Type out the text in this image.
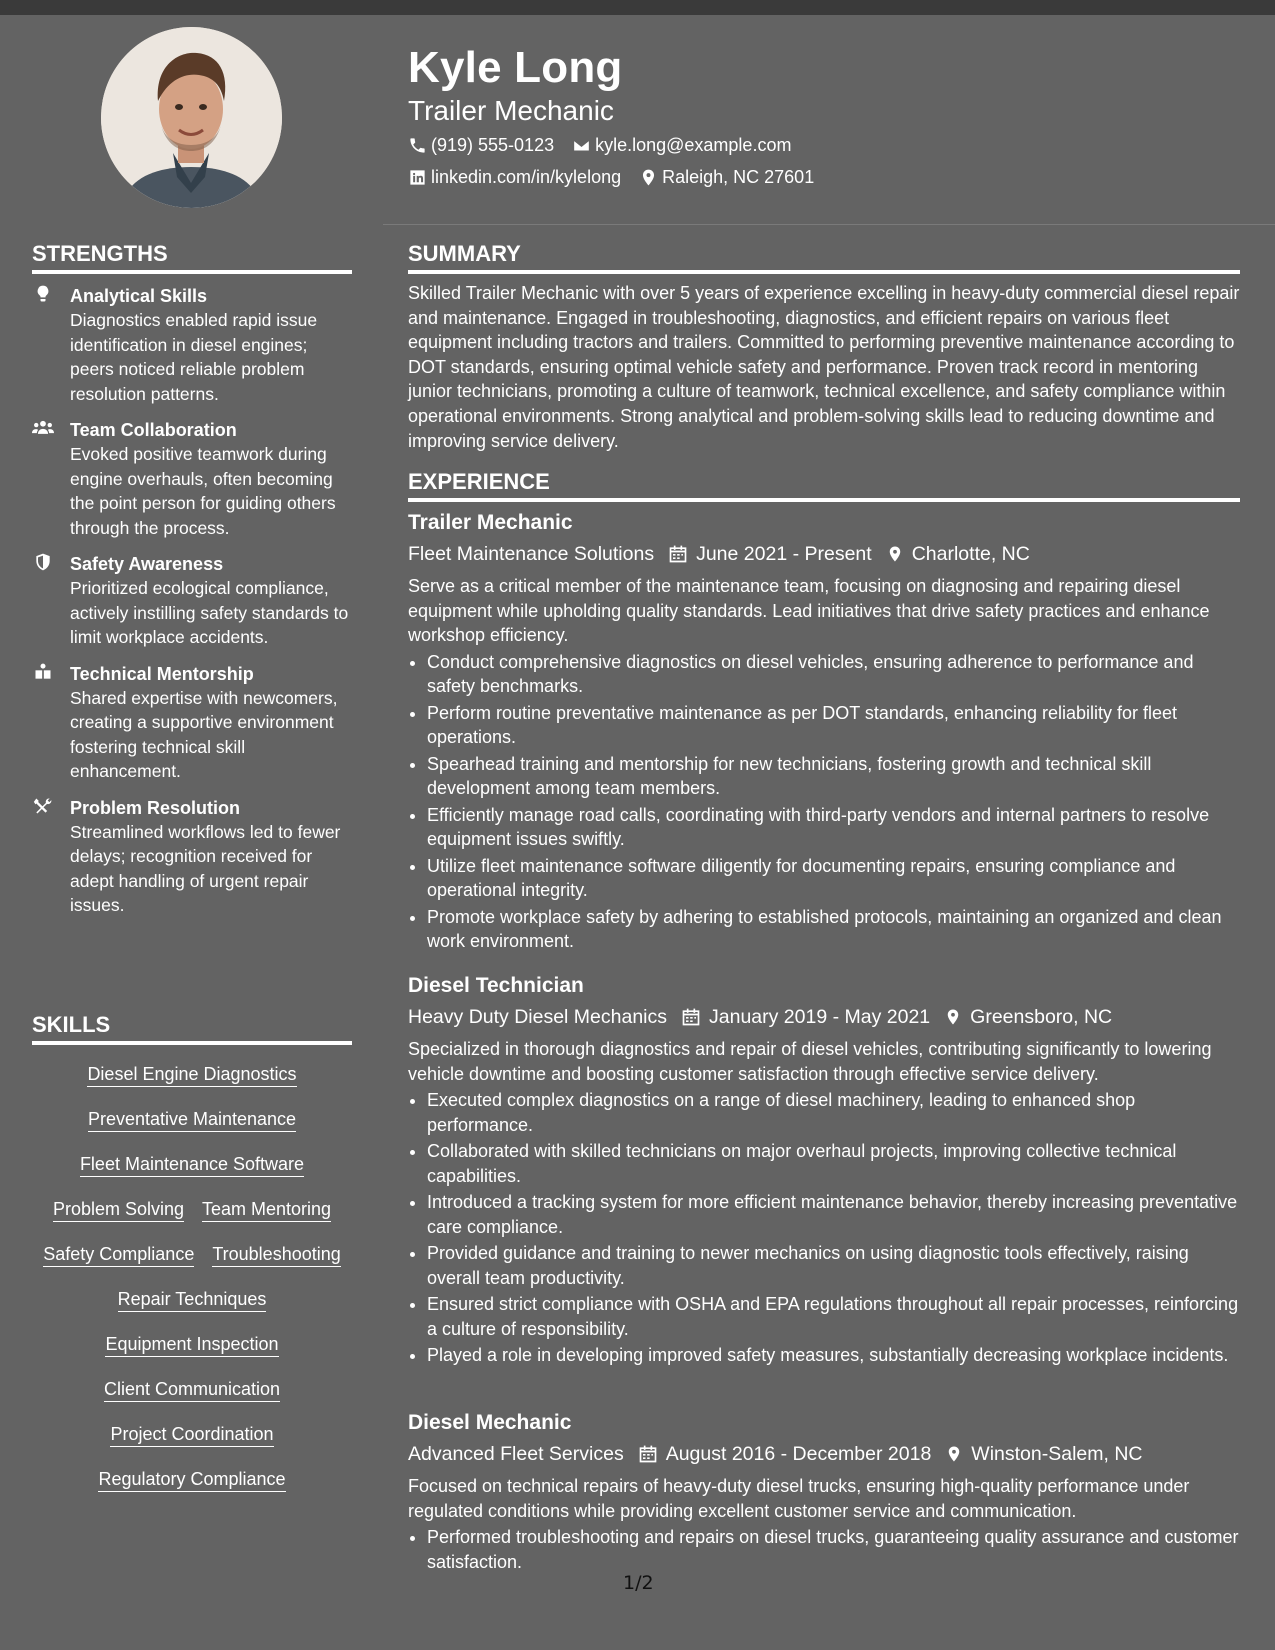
Kyle Long
Trailer Mechanic
(919) 555-0123 kyle.long@example.com
linkedin.com/in/kylelong Raleigh, NC 27601
STRENGTHS
Analytical Skills
Diagnostics enabled rapid issue identification in diesel engines; peers noticed reliable problem resolution patterns.
Team Collaboration
Evoked positive teamwork during engine overhauls, often becoming the point person for guiding others through the process.
Safety Awareness
Prioritized ecological compliance, actively instilling safety standards to limit workplace accidents.
Technical Mentorship
Shared expertise with newcomers, creating a supportive environment fostering technical skill enhancement.
Problem Resolution
Streamlined workflows led to fewer delays; recognition received for adept handling of urgent repair issues.
SKILLS
Diesel Engine Diagnostics
Preventative Maintenance
Fleet Maintenance Software
Problem Solving Team Mentoring
Safety Compliance Troubleshooting
Repair Techniques
Equipment Inspection
Client Communication
Project Coordination
Regulatory Compliance
SUMMARY

Skilled Trailer Mechanic with over 5 years of experience excelling in heavy-duty commercial diesel repair and maintenance. Engaged in troubleshooting, diagnostics, and efficient repairs on various fleet equipment including tractors and trailers. Committed to performing preventive maintenance according to DOT standards, ensuring optimal vehicle safety and performance. Proven track record in mentoring junior technicians, promoting a culture of teamwork, technical excellence, and safety compliance within operational environments. Strong analytical and problem-solving skills lead to reducing downtime and improving service delivery.

EXPERIENCE
Trailer Mechanic
Fleet Maintenance Solutions June 2021 - Present Charlotte, NC
Serve as a critical member of the maintenance team, focusing on diagnosing and repairing diesel equipment while upholding quality standards. Lead initiatives that drive safety practices and enhance workshop efficiency.
• Conduct comprehensive diagnostics on diesel vehicles, ensuring adherence to performance and safety benchmarks.
• Perform routine preventative maintenance as per DOT standards, enhancing reliability for fleet operations.
• Spearhead training and mentorship for new technicians, fostering growth and technical skill development among team members.
• Efficiently manage road calls, coordinating with third-party vendors and internal partners to resolve equipment issues swiftly.
• Utilize fleet maintenance software diligently for documenting repairs, ensuring compliance and operational integrity.
• Promote workplace safety by adhering to established protocols, maintaining an organized and clean work environment.
Diesel Technician
Heavy Duty Diesel Mechanics January 2019 - May 2021 Greensboro, NC
Specialized in thorough diagnostics and repair of diesel vehicles, contributing significantly to lowering vehicle downtime and boosting customer satisfaction through effective service delivery.
• Executed complex diagnostics on a range of diesel machinery, leading to enhanced shop performance.
• Collaborated with skilled technicians on major overhaul projects, improving collective technical capabilities.
• Introduced a tracking system for more efficient maintenance behavior, thereby increasing preventative care compliance.
• Provided guidance and training to newer mechanics on using diagnostic tools effectively, raising overall team productivity.
• Ensured strict compliance with OSHA and EPA regulations throughout all repair processes, reinforcing a culture of responsibility.
• Played a role in developing improved safety measures, substantially decreasing workplace incidents.
Diesel Mechanic
Advanced Fleet Services August 2016 - December 2018 Winston-Salem, NC
Focused on technical repairs of heavy-duty diesel trucks, ensuring high-quality performance under regulated conditions while providing excellent customer service and communication.
• Performed troubleshooting and repairs on diesel trucks, guaranteeing quality assurance and customer satisfaction.
1/2
